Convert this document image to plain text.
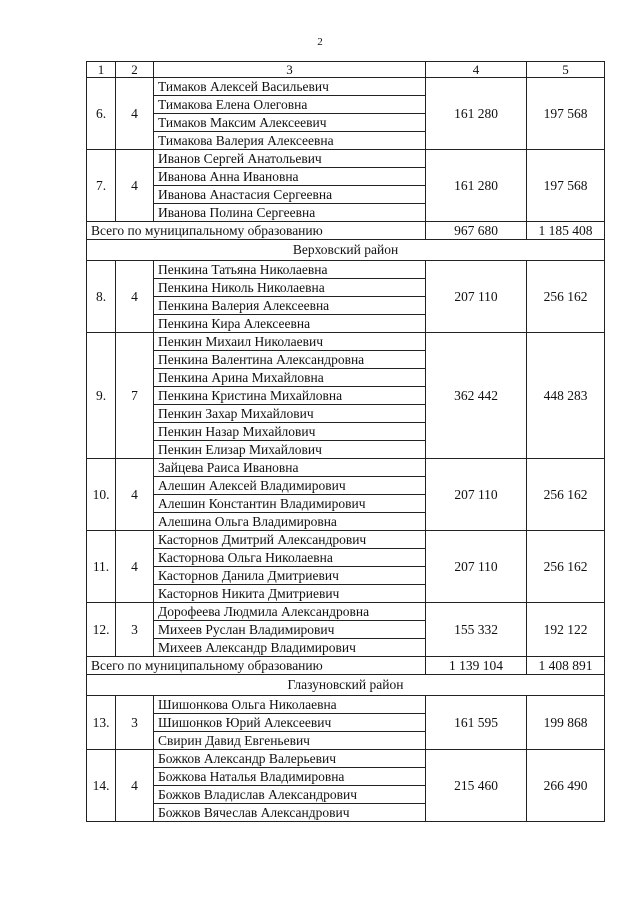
2
1	2	3	4	5
6.	4	Тимаков Алексей Васильевич	161 280	197 568
		Тимакова Елена Олеговна		
		Тимаков Максим Алексеевич		
		Тимакова Валерия Алексеевна		
7.	4	Иванов Сергей Анатольевич	161 280	197 568
		Иванова Анна Ивановна		
		Иванова Анастасия Сергеевна		
		Иванова Полина Сергеевна		
Всего по муниципальному образованию			967 680	1 185 408
Верховский район				
8.	4	Пенкина Татьяна Николаевна	207 110	256 162
		Пенкина Николь Николаевна		
		Пенкина Валерия Алексеевна		
		Пенкина Кира Алексеевна		
9.	7	Пенкин Михаил Николаевич	362 442	448 283
		Пенкина Валентина Александровна		
		Пенкина Арина Михайловна		
		Пенкина Кристина Михайловна		
		Пенкин Захар Михайлович		
		Пенкин Назар Михайлович		
		Пенкин Елизар Михайлович		
10.	4	Зайцева Раиса Ивановна	207 110	256 162
		Алешин Алексей Владимирович		
		Алешин Константин Владимирович		
		Алешина Ольга Владимировна		
11.	4	Касторнов Дмитрий Александрович	207 110	256 162
		Касторнова Ольга Николаевна		
		Касторнов Данила Дмитриевич		
		Касторнов Никита Дмитриевич		
12.	3	Дорофеева Людмила Александровна	155 332	192 122
		Михеев Руслан Владимирович		
		Михеев Александр Владимирович		
Всего по муниципальному образованию			1 139 104	1 408 891
Глазуновский район				
13.	3	Шишонкова Ольга Николаевна	161 595	199 868
		Шишонков Юрий Алексеевич		
		Свирин Давид Евгеньевич		
14.	4	Божков Александр Валерьевич	215 460	266 490
		Божкова Наталья Владимировна		
		Божков Владислав Александрович		
		Божков Вячеслав Александрович		
